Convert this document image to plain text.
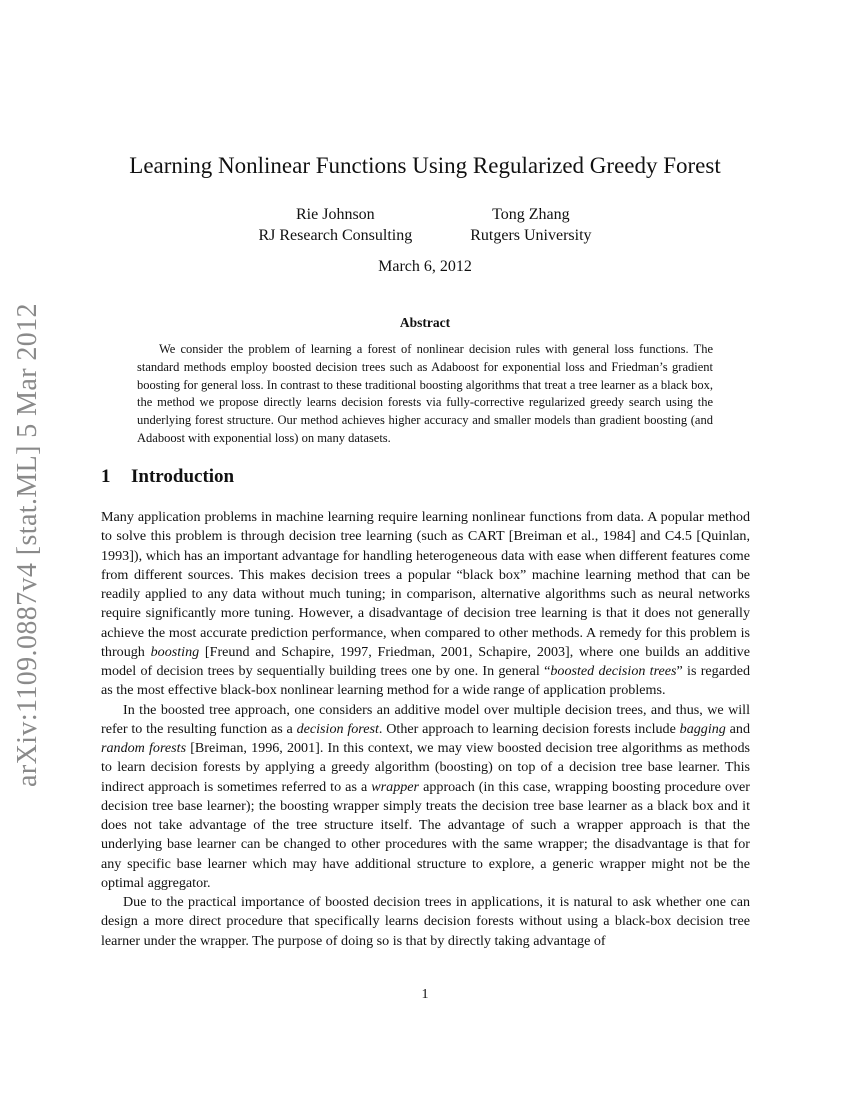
arXiv:1109.0887v4 [stat.ML] 5 Mar 2012
Learning Nonlinear Functions Using Regularized Greedy Forest
Rie Johnson
RJ Research Consulting
Tong Zhang
Rutgers University
March 6, 2012
Abstract

We consider the problem of learning a forest of nonlinear decision rules with general loss functions. The standard methods employ boosted decision trees such as Adaboost for exponential loss and Friedman’s gradient boosting for general loss. In contrast to these traditional boosting algorithms that treat a tree learner as a black box, the method we propose directly learns decision forests via fully-corrective regularized greedy search using the underlying forest structure. Our method achieves higher accuracy and smaller models than gradient boosting (and Adaboost with exponential loss) on many datasets.

1 Introduction

Many application problems in machine learning require learning nonlinear functions from data. A popular method to solve this problem is through decision tree learning (such as CART [Breiman et al., 1984] and C4.5 [Quinlan, 1993]), which has an important advantage for handling heterogeneous data with ease when different features come from different sources. This makes decision trees a popular “black box” machine learning method that can be readily applied to any data without much tuning; in comparison, alternative algorithms such as neural networks require significantly more tuning. However, a disadvantage of decision tree learning is that it does not generally achieve the most accurate prediction performance, when compared to other methods. A remedy for this problem is through boosting [Freund and Schapire, 1997, Friedman, 2001, Schapire, 2003], where one builds an additive model of decision trees by sequentially building trees one by one. In general “boosted decision trees” is regarded as the most effective black-box nonlinear learning method for a wide range of application problems.

In the boosted tree approach, one considers an additive model over multiple decision trees, and thus, we will refer to the resulting function as a decision forest. Other approach to learning decision forests include bagging and random forests [Breiman, 1996, 2001]. In this context, we may view boosted decision tree algorithms as methods to learn decision forests by applying a greedy algorithm (boosting) on top of a decision tree base learner. This indirect approach is sometimes referred to as a wrapper approach (in this case, wrapping boosting procedure over decision tree base learner); the boosting wrapper simply treats the decision tree base learner as a black box and it does not take advantage of the tree structure itself. The advantage of such a wrapper approach is that the underlying base learner can be changed to other procedures with the same wrapper; the disadvantage is that for any specific base learner which may have additional structure to explore, a generic wrapper might not be the optimal aggregator.

Due to the practical importance of boosted decision trees in applications, it is natural to ask whether one can design a more direct procedure that specifically learns decision forests without using a black-box decision tree learner under the wrapper. The purpose of doing so is that by directly taking advantage of

1
